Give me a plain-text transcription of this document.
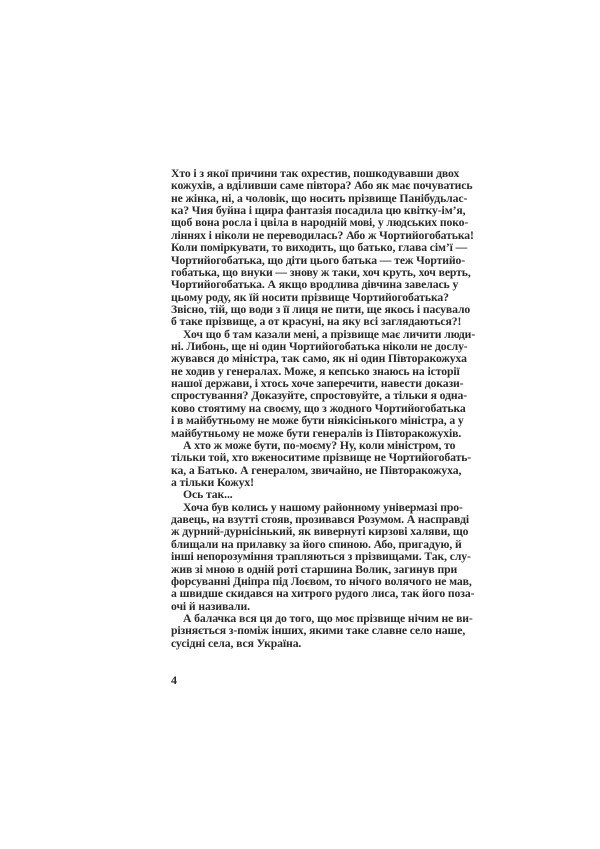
Хто і з якої причини так охрестив, пошкодувавши двох
кожухів, а вділивши саме півтора? Або як має почуватись
не жінка, ні, а чоловік, що носить прізвище Панібудьлас-
ка? Чия буйна і щира фантазія посадила цю квітку-ім’я,
щоб вона росла і цвіла в народній мові, у людських поко-
ліннях і ніколи не переводилась? Або ж Чортийогобатька!
Коли поміркувати, то виходить, що батько, глава сім’ї —
Чортийогобатька, що діти цього батька — теж Чортийо-
гобатька, що внуки — знову ж таки, хоч круть, хоч верть,
Чортийогобатька. А якщо вродлива дівчина завелась у
цьому роду, як їй носити прізвище Чортийогобатька?
Звісно, тій, що води з її лиця не пити, ще якось і пасувало
б таке прізвище, а от красуні, на яку всі заглядаються?!
Хоч що б там казали мені, а прізвище має личити люди-
ні. Либонь, ще ні один Чортийогобатька ніколи не дослу-
жувався до міністра, так само, як ні один Півторакожуха
не ходив у генералах. Може, я кепсько знаюсь на історії
нашої держави, і хтось хоче заперечити, навести докази-
спростування? Доказуйте, спростовуйте, а тільки я одна-
ково стоятиму на своєму, що з жодного Чортийогобатька
і в майбутньому не може бути ніякісінького міністра, а у
майбутньому не може бути генералів із Півторакожухів.
А хто ж може бути, по-моєму? Ну, коли міністром, то
тільки той, хто вженоситиме прізвище не Чортийогобать-
ка, а Батько. А генералом, звичайно, не Півторакожуха,
а тільки Кожух!
Ось так...
Хоча був колись у нашому районному універмазі про-
давець, на взутті стояв, прозивався Розумом. А насправді
ж дурний-дурнісінький, як вивернуті кирзові халяви, що
блищали на прилавку за його спиною. Або, пригадую, й
інші непорозуміння трапляються з прізвищами. Так, слу-
жив зі мною в одній роті старшина Волик, загинув при
форсуванні Дніпра під Лоєвом, то нічого волячого не мав,
а швидше скидався на хитрого рудого лиса, так його поза-
очі й називали.
А балачка вся ця до того, що моє прізвище нічим не ви-
різняється з-поміж інших, якими таке славне село наше,
сусідні села, вся Україна.
4
